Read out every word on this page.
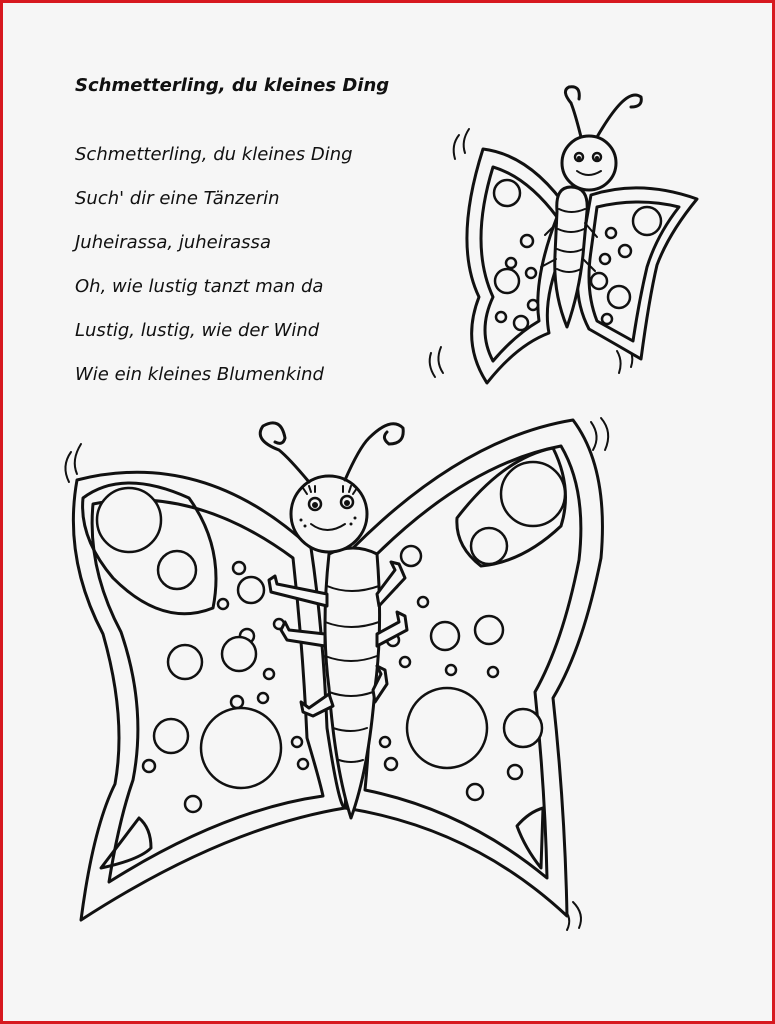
Schmetterling, du kleines Ding
Schmetterling, du kleines Ding
Such' dir eine Tänzerin
Juheirassa, juheirassa
Oh, wie lustig tanzt man da
Lustig, lustig, wie der Wind
Wie ein kleines Blumenkind
